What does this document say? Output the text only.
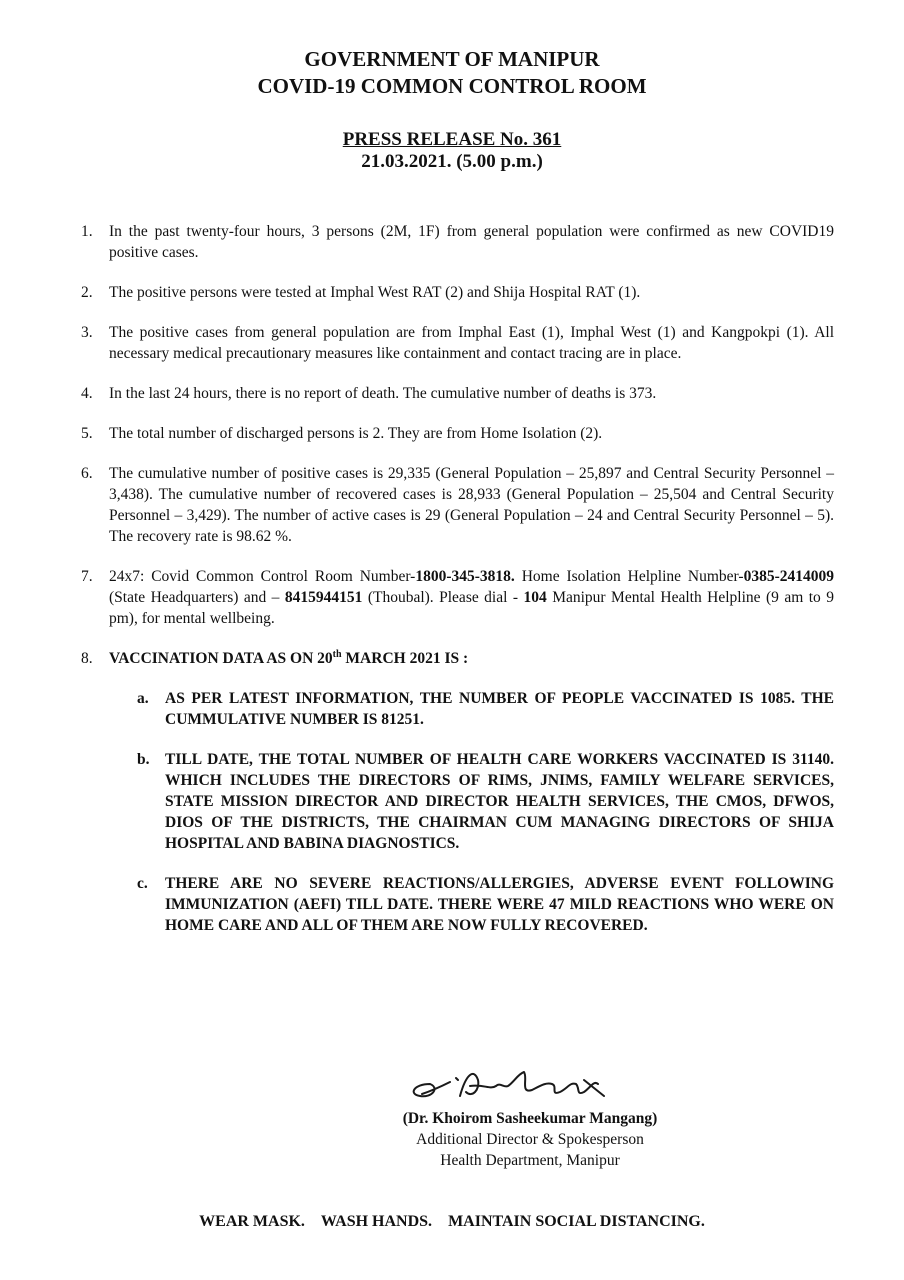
GOVERNMENT OF MANIPUR
COVID-19 COMMON CONTROL ROOM
PRESS RELEASE No. 361
21.03.2021. (5.00 p.m.)
1.	In the past twenty-four hours, 3 persons (2M, 1F) from general population were confirmed as new COVID19 positive cases.
2.	The positive persons were tested at Imphal West RAT (2) and Shija Hospital RAT (1).
3.	The positive cases from general population are from Imphal East (1), Imphal West (1) and Kangpokpi (1). All necessary medical precautionary measures like containment and contact tracing are in place.
4.	In the last 24 hours, there is no report of death. The cumulative number of deaths is 373.
5.	The total number of discharged persons is 2. They are from Home Isolation (2).
6.	The cumulative number of positive cases is 29,335 (General Population – 25,897 and Central Security Personnel – 3,438). The cumulative number of recovered cases is 28,933 (General Population – 25,504 and Central Security Personnel – 3,429). The number of active cases is 29 (General Population – 24 and Central Security Personnel – 5). The recovery rate is 98.62 %.
7.	24x7: Covid Common Control Room Number-1800-345-3818. Home Isolation Helpline Number-0385-2414009 (State Headquarters) and – 8415944151 (Thoubal). Please dial - 104 Manipur Mental Health Helpline (9 am to 9 pm), for mental wellbeing.
8.	VACCINATION DATA AS ON 20th MARCH 2021 IS :
a.	AS PER LATEST INFORMATION, THE NUMBER OF PEOPLE VACCINATED IS 1085. THE CUMMULATIVE NUMBER IS 81251.
b.	TILL DATE, THE TOTAL NUMBER OF HEALTH CARE WORKERS VACCINATED IS 31140. WHICH INCLUDES THE DIRECTORS OF RIMS, JNIMS, FAMILY WELFARE SERVICES, STATE MISSION DIRECTOR AND DIRECTOR HEALTH SERVICES, THE CMOS, DFWOS, DIOS OF THE DISTRICTS, THE CHAIRMAN CUM MANAGING DIRECTORS OF SHIJA HOSPITAL AND BABINA DIAGNOSTICS.
c.	THERE ARE NO SEVERE REACTIONS/ALLERGIES, ADVERSE EVENT FOLLOWING IMMUNIZATION (AEFI) TILL DATE. THERE WERE 47 MILD REACTIONS WHO WERE ON HOME CARE AND ALL OF THEM ARE NOW FULLY RECOVERED.
(Dr. Khoirom Sasheekumar Mangang)
Additional Director & Spokesperson
Health Department, Manipur
WEAR MASK. WASH HANDS. MAINTAIN SOCIAL DISTANCING.
